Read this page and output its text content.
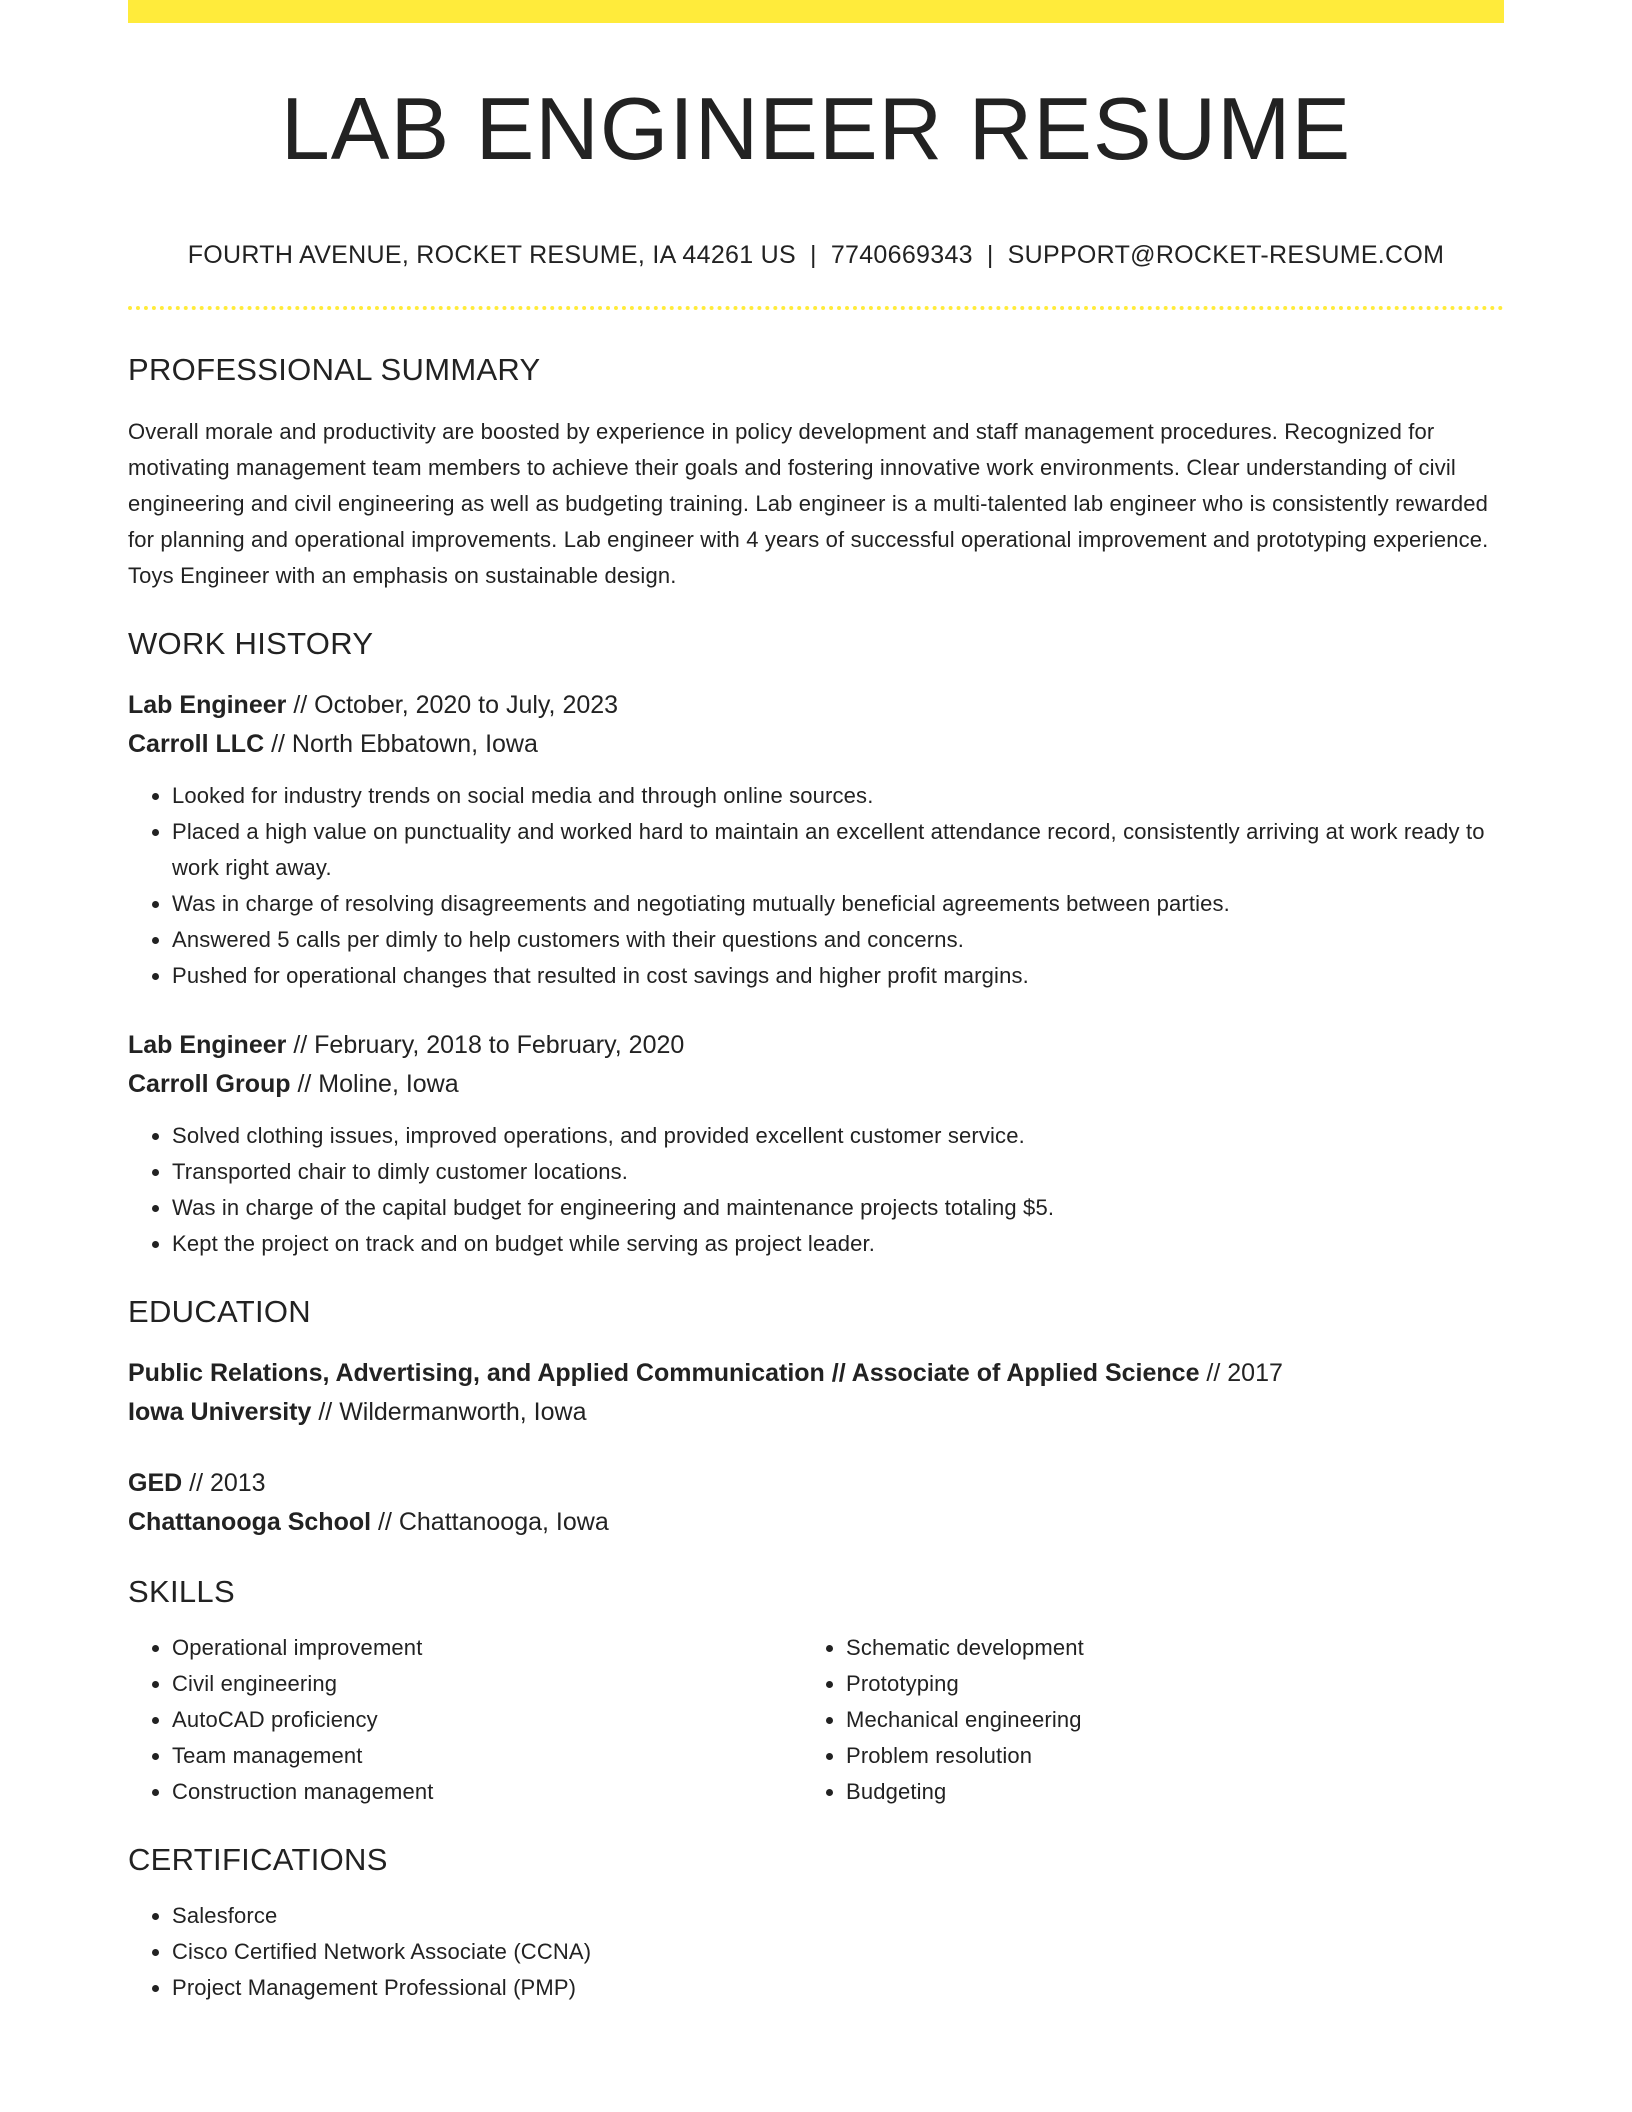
LAB ENGINEER RESUME
FOURTH AVENUE, ROCKET RESUME, IA 44261 US | 7740669343 | SUPPORT@ROCKET-RESUME.COM
PROFESSIONAL SUMMARY
Overall morale and productivity are boosted by experience in policy development and staff management procedures. Recognized for motivating management team members to achieve their goals and fostering innovative work environments. Clear understanding of civil engineering and civil engineering as well as budgeting training. Lab engineer is a multi-talented lab engineer who is consistently rewarded for planning and operational improvements. Lab engineer with 4 years of successful operational improvement and prototyping experience. Toys Engineer with an emphasis on sustainable design.
WORK HISTORY
Lab Engineer // October, 2020 to July, 2023
Carroll LLC // North Ebbatown, Iowa
• Looked for industry trends on social media and through online sources.
• Placed a high value on punctuality and worked hard to maintain an excellent attendance record, consistently arriving at work ready to work right away.
• Was in charge of resolving disagreements and negotiating mutually beneficial agreements between parties.
• Answered 5 calls per dimly to help customers with their questions and concerns.
• Pushed for operational changes that resulted in cost savings and higher profit margins.
Lab Engineer // February, 2018 to February, 2020
Carroll Group // Moline, Iowa
• Solved clothing issues, improved operations, and provided excellent customer service.
• Transported chair to dimly customer locations.
• Was in charge of the capital budget for engineering and maintenance projects totaling $5.
• Kept the project on track and on budget while serving as project leader.
EDUCATION
Public Relations, Advertising, and Applied Communication // Associate of Applied Science // 2017
Iowa University // Wildermanworth, Iowa
GED // 2013
Chattanooga School // Chattanooga, Iowa
SKILLS
• Operational improvement
• Civil engineering
• AutoCAD proficiency
• Team management
• Construction management
• Schematic development
• Prototyping
• Mechanical engineering
• Problem resolution
• Budgeting
CERTIFICATIONS
• Salesforce
• Cisco Certified Network Associate (CCNA)
• Project Management Professional (PMP)
